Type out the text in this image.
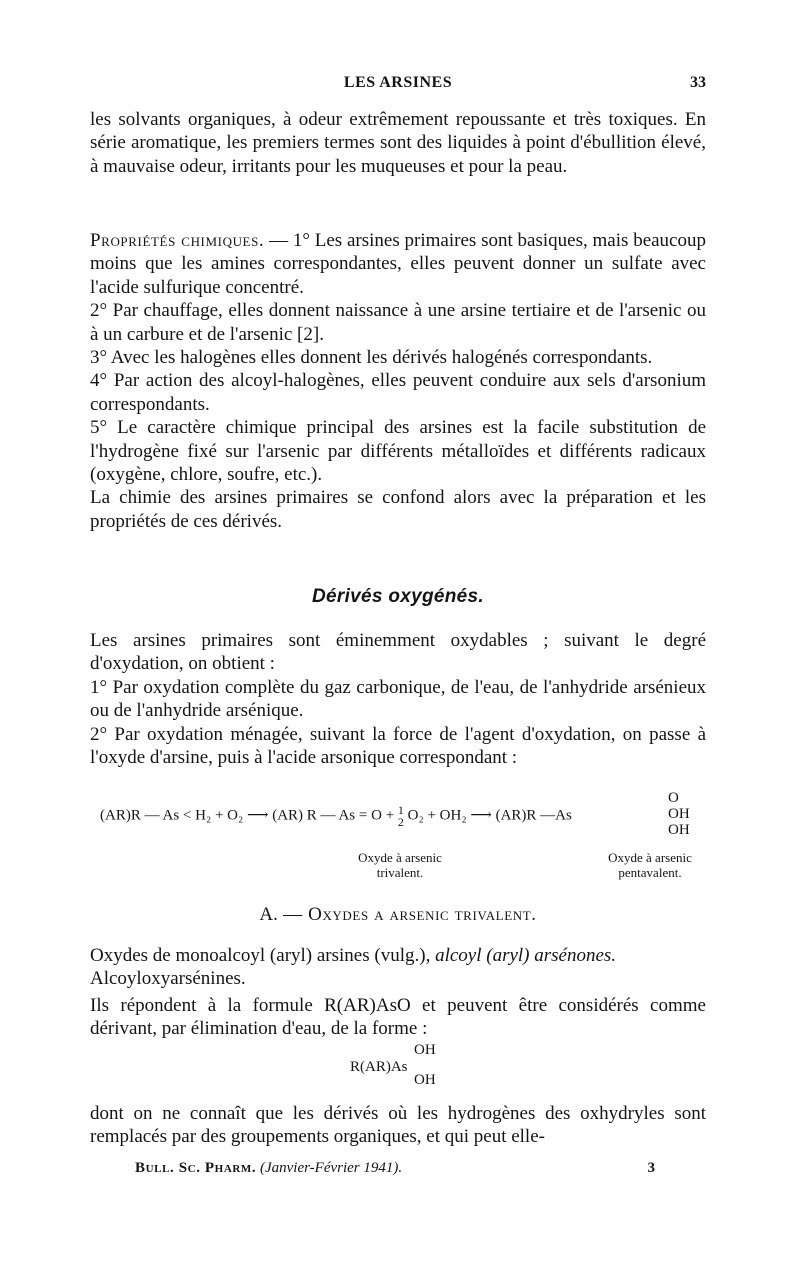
LES ARSINES	33

les solvants organiques, à odeur extrêmement repoussante et très toxiques. En série aromatique, les premiers termes sont des liquides à point d'ébullition élevé, à mauvaise odeur, irritants pour les muqueuses et pour la peau.

Propriétés chimiques. — 1° Les arsines primaires sont basiques, mais beaucoup moins que les amines correspondantes, elles peuvent donner un sulfate avec l'acide sulfurique concentré.

2° Par chauffage, elles donnent naissance à une arsine tertiaire et de l'arsenic ou à un carbure et de l'arsenic [2].

3° Avec les halogènes elles donnent les dérivés halogénés correspondants.

4° Par action des alcoyl-halogènes, elles peuvent conduire aux sels d'arsonium correspondants.

5° Le caractère chimique principal des arsines est la facile substitution de l'hydrogène fixé sur l'arsenic par différents métalloïdes et différents radicaux (oxygène, chlore, soufre, etc.).

La chimie des arsines primaires se confond alors avec la préparation et les propriétés de ces dérivés.

Dérivés oxygénés.

Les arsines primaires sont éminemment oxydables ; suivant le degré d'oxydation, on obtient :

1° Par oxydation complète du gaz carbonique, de l'eau, de l'anhydride arsénieux ou de l'anhydride arsénique.

2° Par oxydation ménagée, suivant la force de l'agent d'oxydation, on passe à l'oxyde d'arsine, puis à l'acide arsonique correspondant :

(AR)R — As < H₂ + O₂ ⟶ (AR) R — As = O + 1
2 O₂ + OH₂ ⟶ (AR)R —As
O
OH
OH
Oxyde à arsenic
trivalent.
Oxyde à arsenic
pentavalent.
A. — Oxydes a arsenic trivalent.

Oxydes de monoalcoyl (aryl) arsines (vulg.), alcoyl (aryl) arsénones.
Alcoyloxyarsénines.

Ils répondent à la formule R(AR)AsO et peuvent être considérés comme dérivant, par élimination d'eau, de la forme :

OH
OH
R(AR)As

dont on ne connaît que les dérivés où les hydrogènes des oxhydryles sont remplacés par des groupements organiques, et qui peut elle-

Bull. Sc. Pharm. (Janvier-Février 1941).	3
